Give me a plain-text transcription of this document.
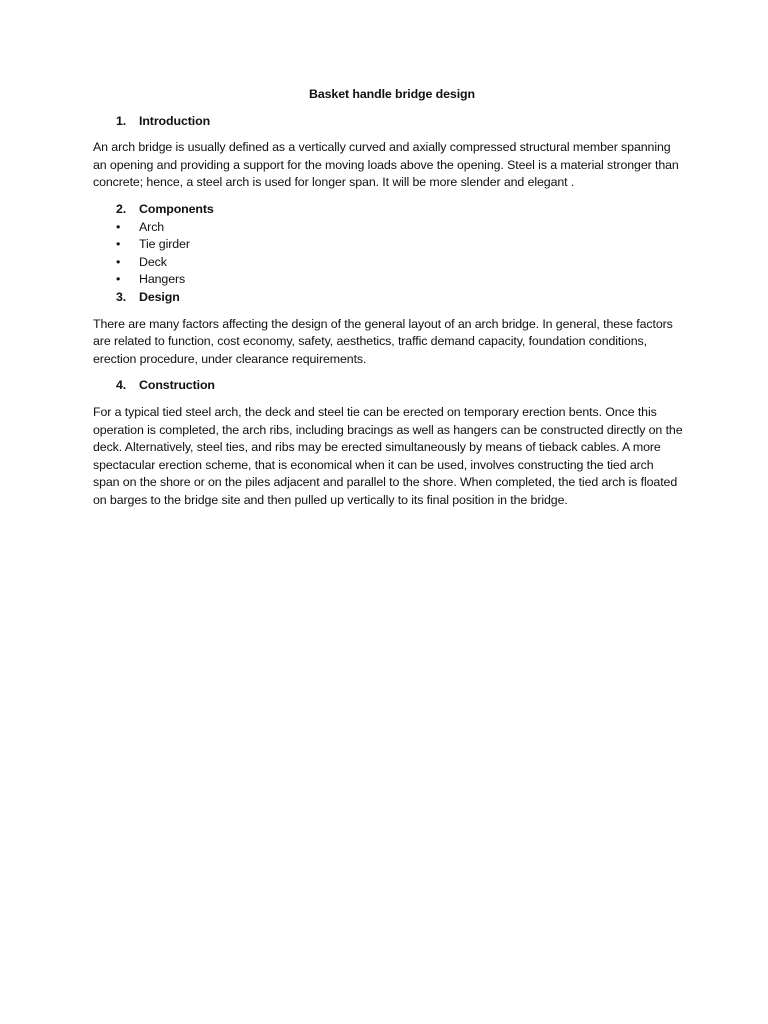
Basket handle bridge design
1. Introduction

An arch bridge is usually defined as a vertically curved and axially compressed structural member spanning an opening and providing a support for the moving loads above the opening. Steel is a material stronger than concrete; hence, a steel arch is used for longer span. It will be more slender and elegant .

2. Components
• Arch
• Tie girder
• Deck
• Hangers
3. Design

There are many factors affecting the design of the general layout of an arch bridge. In general, these factors are related to function, cost economy, safety, aesthetics, traffic demand capacity, foundation conditions, erection procedure, under clearance requirements.

4. Construction

For a typical tied steel arch, the deck and steel tie can be erected on temporary erection bents. Once this operation is completed, the arch ribs, including bracings as well as hangers can be constructed directly on the deck. Alternatively, steel ties, and ribs may be erected simultaneously by means of tieback cables. A more spectacular erection scheme, that is economical when it can be used, involves constructing the tied arch span on the shore or on the piles adjacent and parallel to the shore. When completed, the tied arch is floated on barges to the bridge site and then pulled up vertically to its final position in the bridge.
